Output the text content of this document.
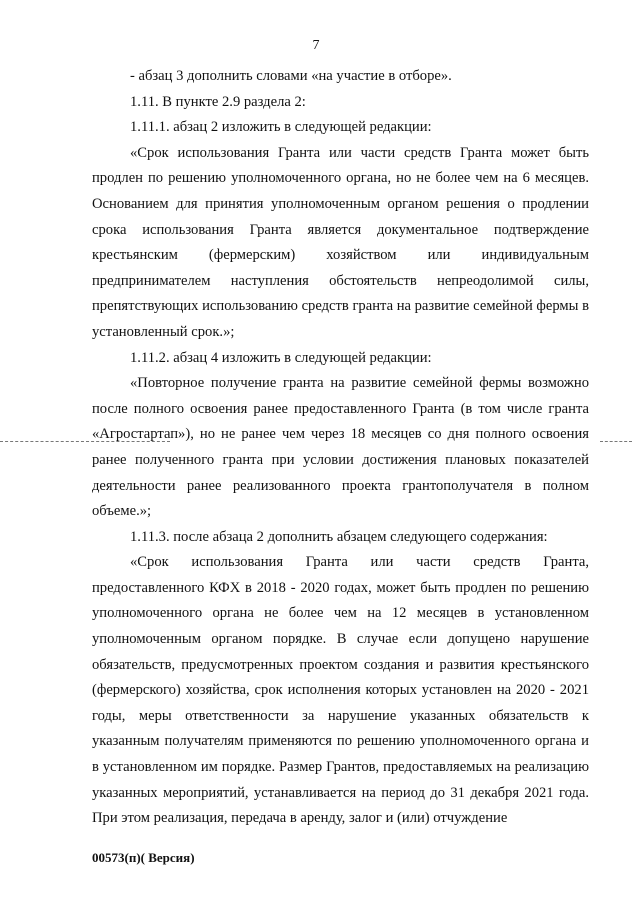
7

- абзац 3 дополнить словами «на участие в отборе».

1.11. В пункте 2.9 раздела 2:

1.11.1. абзац 2 изложить в следующей редакции:

«Срок использования Гранта или части средств Гранта может быть продлен по решению уполномоченного органа, но не более чем на 6 месяцев. Основанием для принятия уполномоченным органом решения о продлении срока использования Гранта является документальное подтверждение крестьянским (фермерским) хозяйством или индивидуальным предпринимателем наступления обстоятельств непреодолимой силы, препятствующих использованию средств гранта на развитие семейной фермы в установленный срок.»;

1.11.2. абзац 4 изложить в следующей редакции:

«Повторное получение гранта на развитие семейной фермы возможно после полного освоения ранее предоставленного Гранта (в том числе гранта «Агростартап»), но не ранее чем через 18 месяцев со дня полного освоения ранее полученного гранта при условии достижения плановых показателей деятельности ранее реализованного проекта грантополучателя в полном объеме.»;

1.11.3. после абзаца 2 дополнить абзацем следующего содержания:

«Срок использования Гранта или части средств Гранта, предоставленного КФХ в 2018 - 2020 годах, может быть продлен по решению уполномоченного органа не более чем на 12 месяцев в установленном уполномоченным органом порядке. В случае если допущено нарушение обязательств, предусмотренных проектом создания и развития крестьянского (фермерского) хозяйства, срок исполнения которых установлен на 2020 - 2021 годы, меры ответственности за нарушение указанных обязательств к указанным получателям применяются по решению уполномоченного органа и в установленном им порядке. Размер Грантов, предоставляемых на реализацию указанных мероприятий, устанавливается на период до 31 декабря 2021 года. При этом реализация, передача в аренду, залог и (или) отчуждение

00573(п)( Версия)
